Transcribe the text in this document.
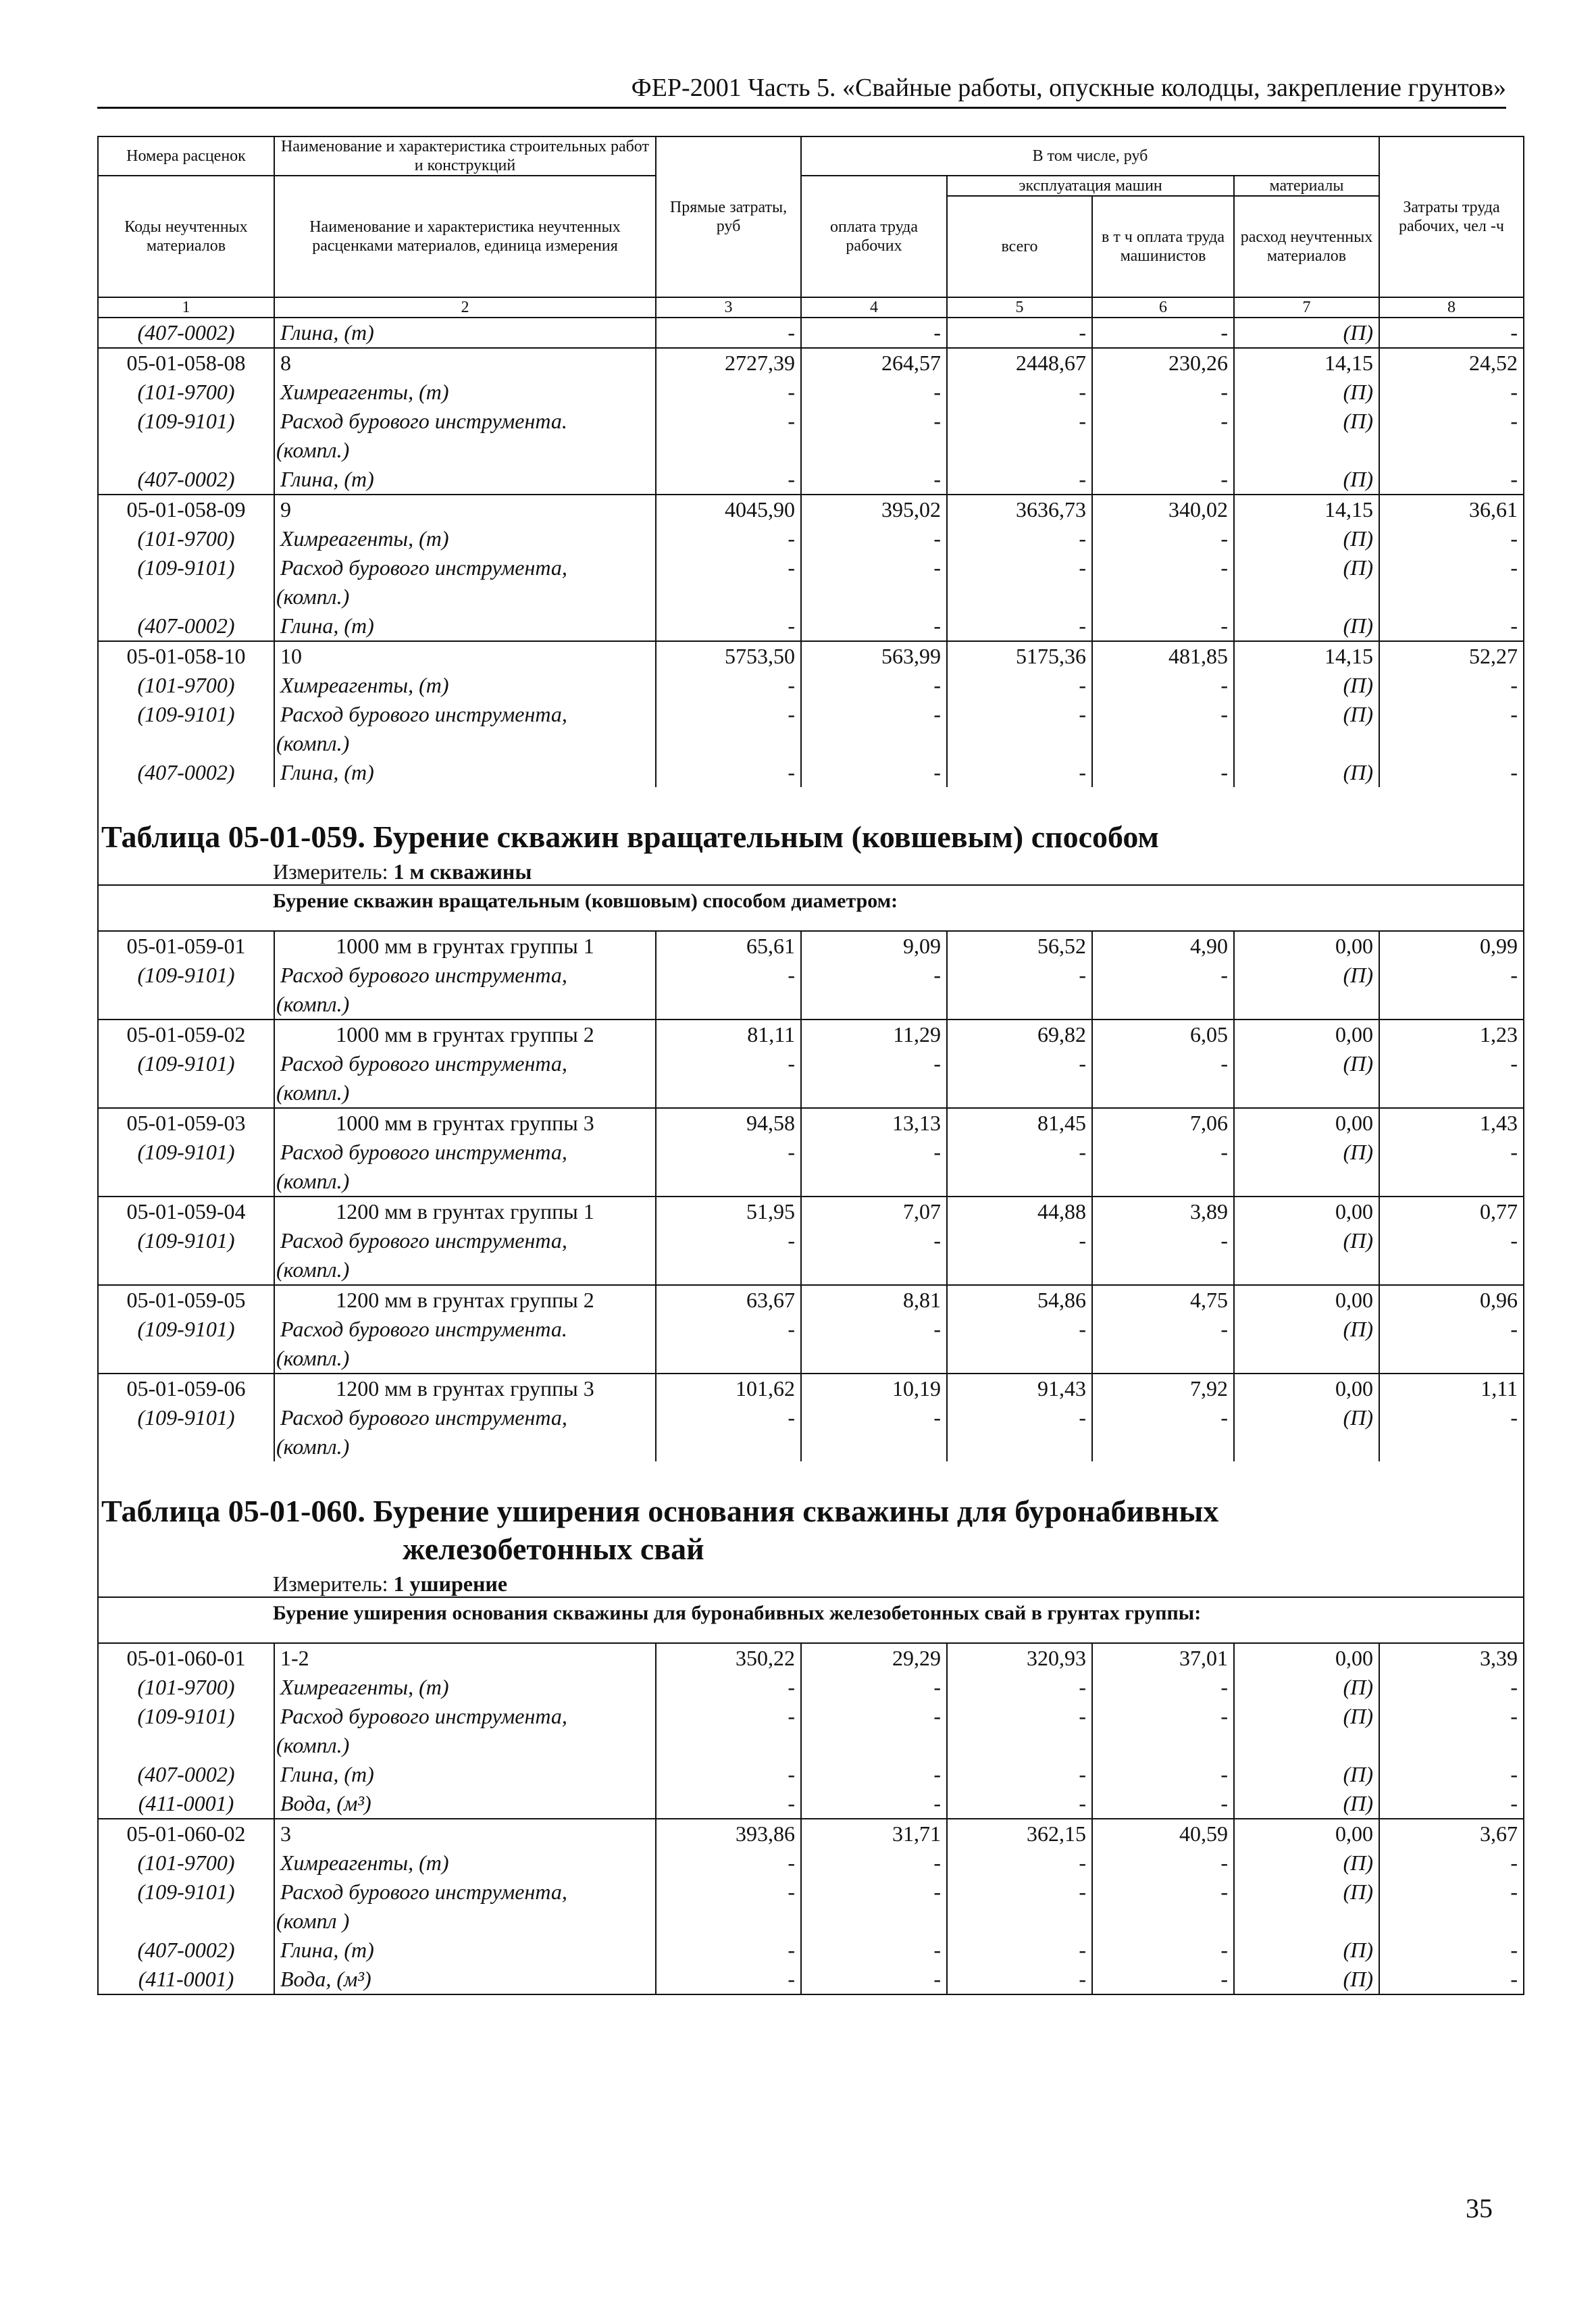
ФЕР-2001 Часть 5. «Свайные работы, опускные колодцы, закрепление грунтов»
Номера расценок	Наименование и характеристика строительных работ и конструкций	Прямые затраты, руб	В том числе, руб				Затраты труда рабочих, чел -ч
Коды неучтенных материалов	Наименование и характеристика неучтенных расценками материалов, единица измерения		оплата труда рабочих	эксплуатация машин		материалы	
				всего	в т ч оплата труда машинистов	расход неучтенных материалов	
1	2	3	4	5	6	7	8
(407-0002)	Глина, (т)	-	-	-	-	(П)	-
05-01-058-08	8	2727,39	264,57	2448,67	230,26	14,15	24,52
(101-9700)	Химреагенты, (т)	-	-	-	-	(П)	-
(109-9101)	Расход бурового инструмента.	-	-	-	-	(П)	-
	(компл.)						
(407-0002)	Глина, (т)	-	-	-	-	(П)	-
05-01-058-09	9	4045,90	395,02	3636,73	340,02	14,15	36,61
(101-9700)	Химреагенты, (т)	-	-	-	-	(П)	-
(109-9101)	Расход бурового инструмента,	-	-	-	-	(П)	-
	(компл.)						
(407-0002)	Глина, (т)	-	-	-	-	(П)	-
05-01-058-10	10	5753,50	563,99	5175,36	481,85	14,15	52,27
(101-9700)	Химреагенты, (т)	-	-	-	-	(П)	-
(109-9101)	Расход бурового инструмента,	-	-	-	-	(П)	-
	(компл.)						
(407-0002)	Глина, (т)	-	-	-	-	(П)	-

Таблица 05-01-059. Бурение скважин вращательным (ковшевым) способом
Измеритель: 1 м скважины
Бурение скважин вращательным (ковшовым) способом диаметром:							

05-01-059-01	1000 мм в грунтах группы 1	65,61	9,09	56,52	4,90	0,00	0,99
(109-9101)	Расход бурового инструмента,	-	-	-	-	(П)	-
	(компл.)						
05-01-059-02	1000 мм в грунтах группы 2	81,11	11,29	69,82	6,05	0,00	1,23
(109-9101)	Расход бурового инструмента,	-	-	-	-	(П)	-
	(компл.)						
05-01-059-03	1000 мм в грунтах группы 3	94,58	13,13	81,45	7,06	0,00	1,43
(109-9101)	Расход бурового инструмента,	-	-	-	-	(П)	-
	(компл.)						
05-01-059-04	1200 мм в грунтах группы 1	51,95	7,07	44,88	3,89	0,00	0,77
(109-9101)	Расход бурового инструмента,	-	-	-	-	(П)	-
	(компл.)						
05-01-059-05	1200 мм в грунтах группы 2	63,67	8,81	54,86	4,75	0,00	0,96
(109-9101)	Расход бурового инструмента.	-	-	-	-	(П)	-
	(компл.)						
05-01-059-06	1200 мм в грунтах группы 3	101,62	10,19	91,43	7,92	0,00	1,11
(109-9101)	Расход бурового инструмента,	-	-	-	-	(П)	-
	(компл.)						

Таблица 05-01-060. Бурение уширения основания скважины для буронабивных
железобетонных свай
Измеритель: 1 уширение
Бурение уширения основания скважины для буронабивных железобетонных свай в грунтах группы:							

05-01-060-01	1-2	350,22	29,29	320,93	37,01	0,00	3,39
(101-9700)	Химреагенты, (т)	-	-	-	-	(П)	-
(109-9101)	Расход бурового инструмента,	-	-	-	-	(П)	-
	(компл.)						
(407-0002)	Глина, (т)	-	-	-	-	(П)	-
(411-0001)	Вода, (м³)	-	-	-	-	(П)	-
05-01-060-02	3	393,86	31,71	362,15	40,59	0,00	3,67
(101-9700)	Химреагенты, (т)	-	-	-	-	(П)	-
(109-9101)	Расход бурового инструмента,	-	-	-	-	(П)	-
	(компл )						
(407-0002)	Глина, (т)	-	-	-	-	(П)	-
(411-0001)	Вода, (м³)	-	-	-	-	(П)	-
35
